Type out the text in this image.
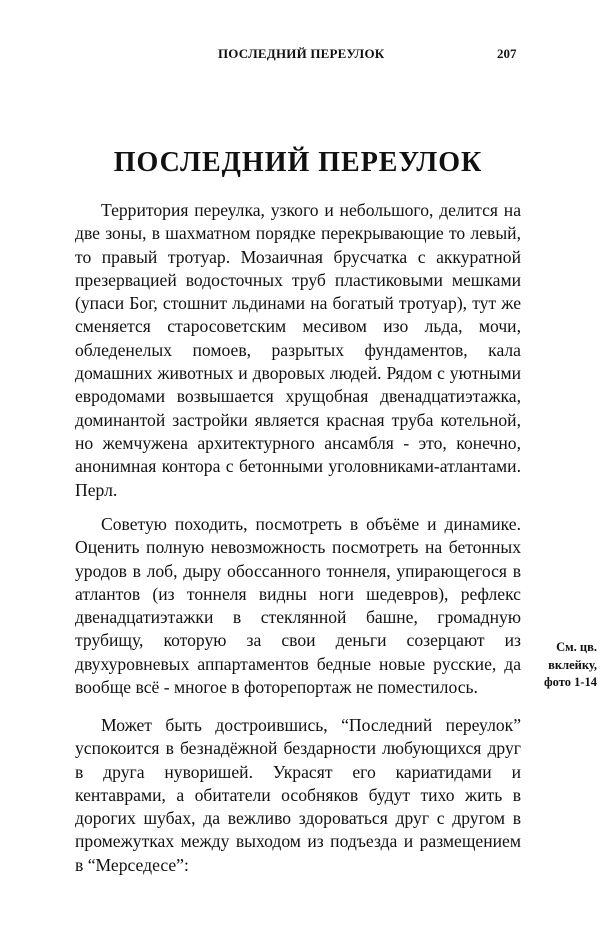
ПОСЛЕДНИЙ ПЕРЕУЛОК	207
ПОСЛЕДНИЙ ПЕРЕУЛОК

Территория переулка, узкого и небольшого, делится на две зоны, в шахматном порядке перекрывающие то левый, то правый тротуар. Мозаичная брусчатка с аккуратной презервацией водосточных труб пластиковыми мешками (упаси Бог, стошнит льдинами на богатый тротуар), тут же сменяется старосоветским месивом изо льда, мочи, обледенелых помоев, разрытых фундаментов, кала домашних животных и дворовых людей. Рядом с уютными евродомами возвышается хрущобная двенадцатиэтажка, доминантой застройки является красная труба котельной, но жемчужена архитектурного ансамбля - это, конечно, анонимная контора с бетонными уголовниками-атлантами. Перл.

Советую походить, посмотреть в объёме и динамике. Оценить полную невозможность посмотреть на бетонных уродов в лоб, дыру обоссанного тоннеля, упирающегося в атлантов (из тоннеля видны ноги шедевров), рефлекс двенадцатиэтажки в стеклянной башне, громадную трубищу, которую за свои деньги созерцают из двухуровневых аппартаментов бедные новые русские, да вообще всё - многое в фоторепортаж не поместилось.

Может быть достроившись, “Последний переулок” успокоится в безнадёжной бездарности любующихся друг в друга нуворишей. Украсят его кариатидами и кентаврами, а обитатели особняков будут тихо жить в дорогих шубах, да вежливо здороваться друг с другом в промежутках между выходом из подъезда и размещением в “Мерседесе”:

См. цв.
вклейку,
фото 1-14
